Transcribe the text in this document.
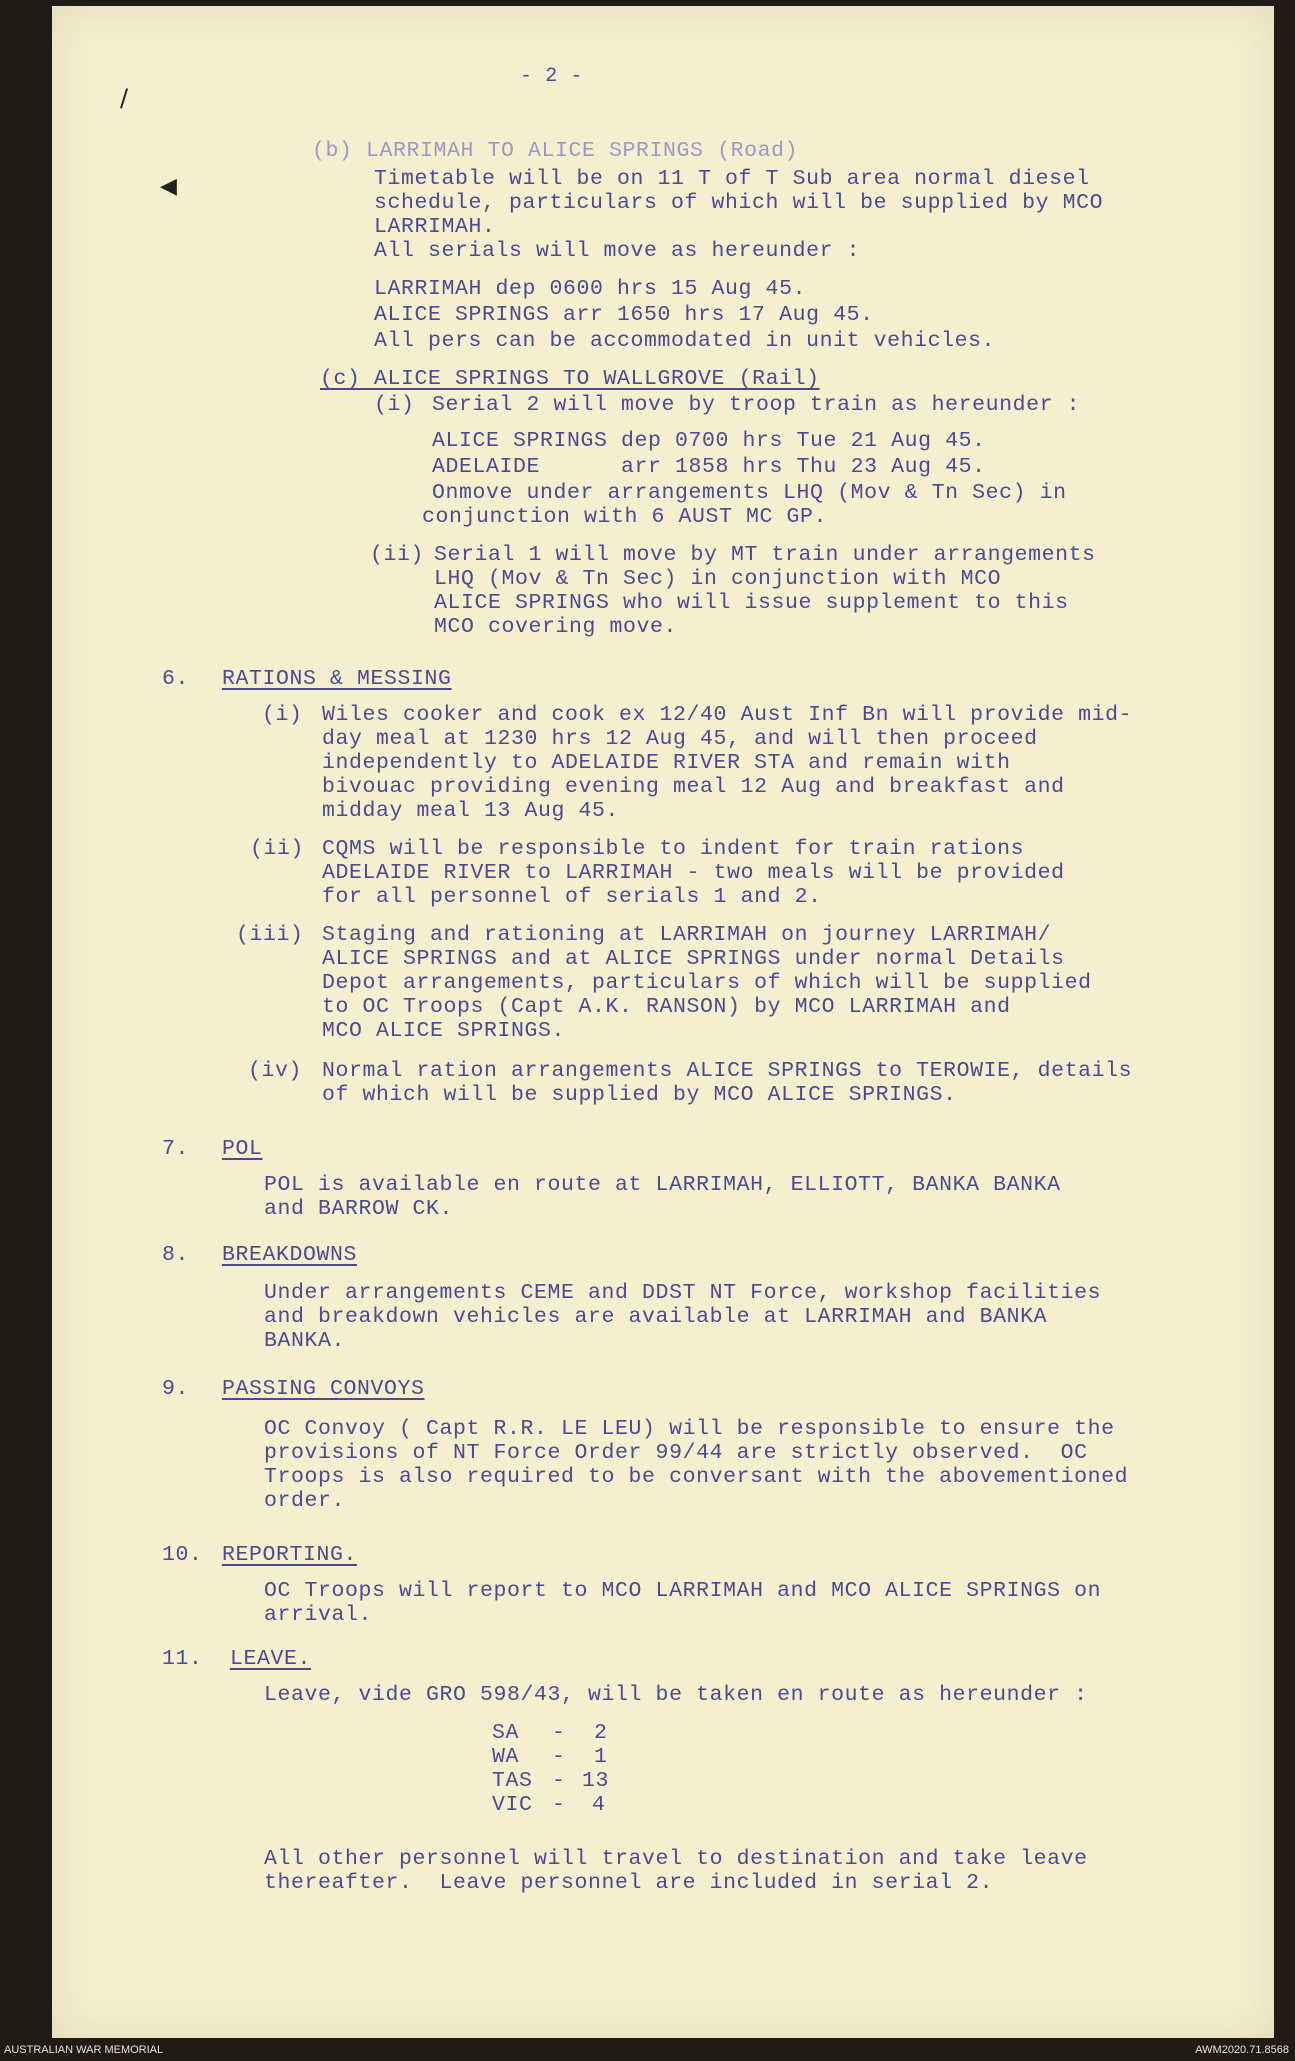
- 2 -
/
◀
(b) LARRIMAH TO ALICE SPRINGS (Road)
Timetable will be on 11 T of T Sub area normal diesel
schedule, particulars of which will be supplied by MCO
LARRIMAH.
All serials will move as hereunder :
LARRIMAH dep 0600 hrs 15 Aug 45.
ALICE SPRINGS arr 1650 hrs 17 Aug 45.
All pers can be accommodated in unit vehicles.
(c) ALICE SPRINGS TO WALLGROVE (Rail)
(i) Serial 2 will move by troop train as hereunder :
ALICE SPRINGS dep 0700 hrs Tue 21 Aug 45.
ADELAIDE      arr 1858 hrs Thu 23 Aug 45.
Onmove under arrangements LHQ (Mov & Tn Sec) in
conjunction with 6 AUST MC GP.
(ii) Serial 1 will move by MT train under arrangements
LHQ (Mov & Tn Sec) in conjunction with MCO
ALICE SPRINGS who will issue supplement to this
MCO covering move.
6. RATIONS & MESSING
(i) Wiles cooker and cook ex 12/40 Aust Inf Bn will provide mid-
day meal at 1230 hrs 12 Aug 45, and will then proceed
independently to ADELAIDE RIVER STA and remain with
bivouac providing evening meal 12 Aug and breakfast and
midday meal 13 Aug 45.
(ii) CQMS will be responsible to indent for train rations
ADELAIDE RIVER to LARRIMAH - two meals will be provided
for all personnel of serials 1 and 2.
(iii) Staging and rationing at LARRIMAH on journey LARRIMAH/
ALICE SPRINGS and at ALICE SPRINGS under normal Details
Depot arrangements, particulars of which will be supplied
to OC Troops (Capt A.K. RANSON) by MCO LARRIMAH and
MCO ALICE SPRINGS.
(iv) Normal ration arrangements ALICE SPRINGS to TEROWIE, details
of which will be supplied by MCO ALICE SPRINGS.
7. POL
POL is available en route at LARRIMAH, ELLIOTT, BANKA BANKA
and BARROW CK.
8. BREAKDOWNS
Under arrangements CEME and DDST NT Force, workshop facilities
and breakdown vehicles are available at LARRIMAH and BANKA
BANKA.
9. PASSING CONVOYS
OC Convoy ( Capt R.R. LE LEU) will be responsible to ensure the
provisions of NT Force Order 99/44 are strictly observed.  OC
Troops is also required to be conversant with the abovementioned
order.
10. REPORTING.
OC Troops will report to MCO LARRIMAH and MCO ALICE SPRINGS on
arrival.
11. LEAVE.
Leave, vide GRO 598/43, will be taken en route as hereunder :
SA - 2
WA - 1
TAS - 13
VIC - 4
All other personnel will travel to destination and take leave
thereafter.  Leave personnel are included in serial 2.
AUSTRALIAN WAR MEMORIAL	AWM2020.71.8568
